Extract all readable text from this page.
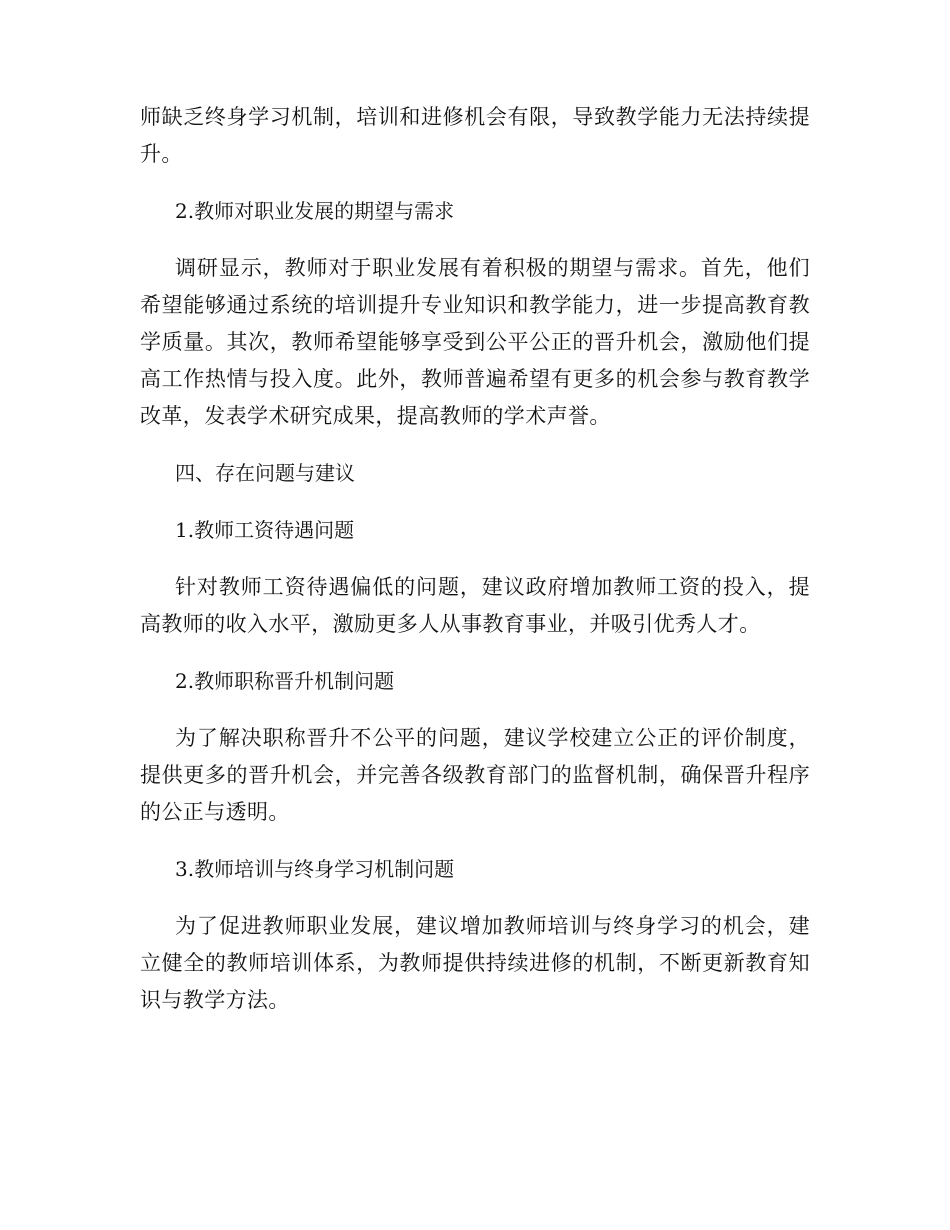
师缺乏终身学习机制，培训和进修机会有限，导致教学能力无法持续提升。

2.教师对职业发展的期望与需求

调研显示，教师对于职业发展有着积极的期望与需求。首先，他们希望能够通过系统的培训提升专业知识和教学能力，进一步提高教育教学质量。其次，教师希望能够享受到公平公正的晋升机会，激励他们提高工作热情与投入度。此外，教师普遍希望有更多的机会参与教育教学改革，发表学术研究成果，提高教师的学术声誉。

四、存在问题与建议

1.教师工资待遇问题

针对教师工资待遇偏低的问题，建议政府增加教师工资的投入，提高教师的收入水平，激励更多人从事教育事业，并吸引优秀人才。

2.教师职称晋升机制问题

为了解决职称晋升不公平的问题，建议学校建立公正的评价制度，提供更多的晋升机会，并完善各级教育部门的监督机制，确保晋升程序的公正与透明。

3.教师培训与终身学习机制问题

为了促进教师职业发展，建议增加教师培训与终身学习的机会，建立健全的教师培训体系，为教师提供持续进修的机制，不断更新教育知识与教学方法。
